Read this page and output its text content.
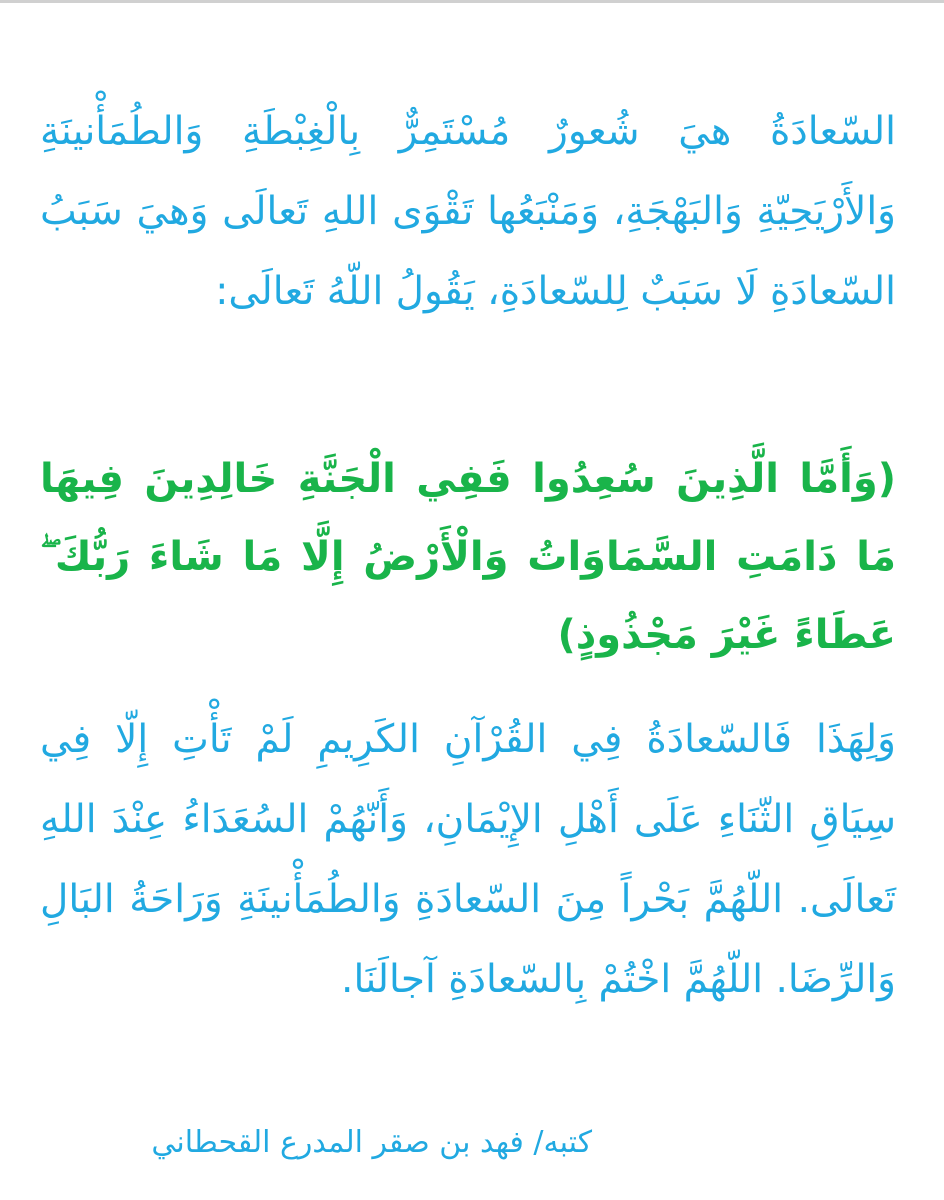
السّعادَةُ هيَ شُعورٌ مُسْتَمِرٌّ بِالْغِبْطَةِ وَالطُمَأْنينَةِ وَالأَرْيَحِيّةِ وَالبَهْجَةِ، وَمَنْبَعُها تَقْوَى اللهِ تَعالَى وَهيَ سَبَبُ السّعادَةِ لَا سَبَبٌ لِلسّعادَةِ، يَقُولُ اللّهُ تَعالَى:

(وَأَمَّا الَّذِينَ سُعِدُوا فَفِي الْجَنَّةِ خَالِدِينَ فِيهَا مَا دَامَتِ السَّمَاوَاتُ وَالْأَرْضُ إِلَّا مَا شَاءَ رَبُّكَ ۖ عَطَاءً غَيْرَ مَجْذُوذٍ)

وَلِهَذَا فَالسّعادَةُ فِي القُرْآنِ الكَرِيمِ لَمْ تَأْتِ إِلّا فِي سِيَاقِ الثّنَاءِ عَلَى أَهْلِ الإِيْمَانِ، وَأَنّهُمْ السُعَدَاءُ عِنْدَ اللهِ تَعالَى. اللّهُمَّ بَحْراً مِنَ السّعادَةِ وَالطُمَأْنينَةِ وَرَاحَةُ البَالِ وَالرِّضَا. اللّهُمَّ اخْتُمْ بِالسّعادَةِ آجالَنَا.

كتبه/ فهد بن صقر المدرع القحطاني
